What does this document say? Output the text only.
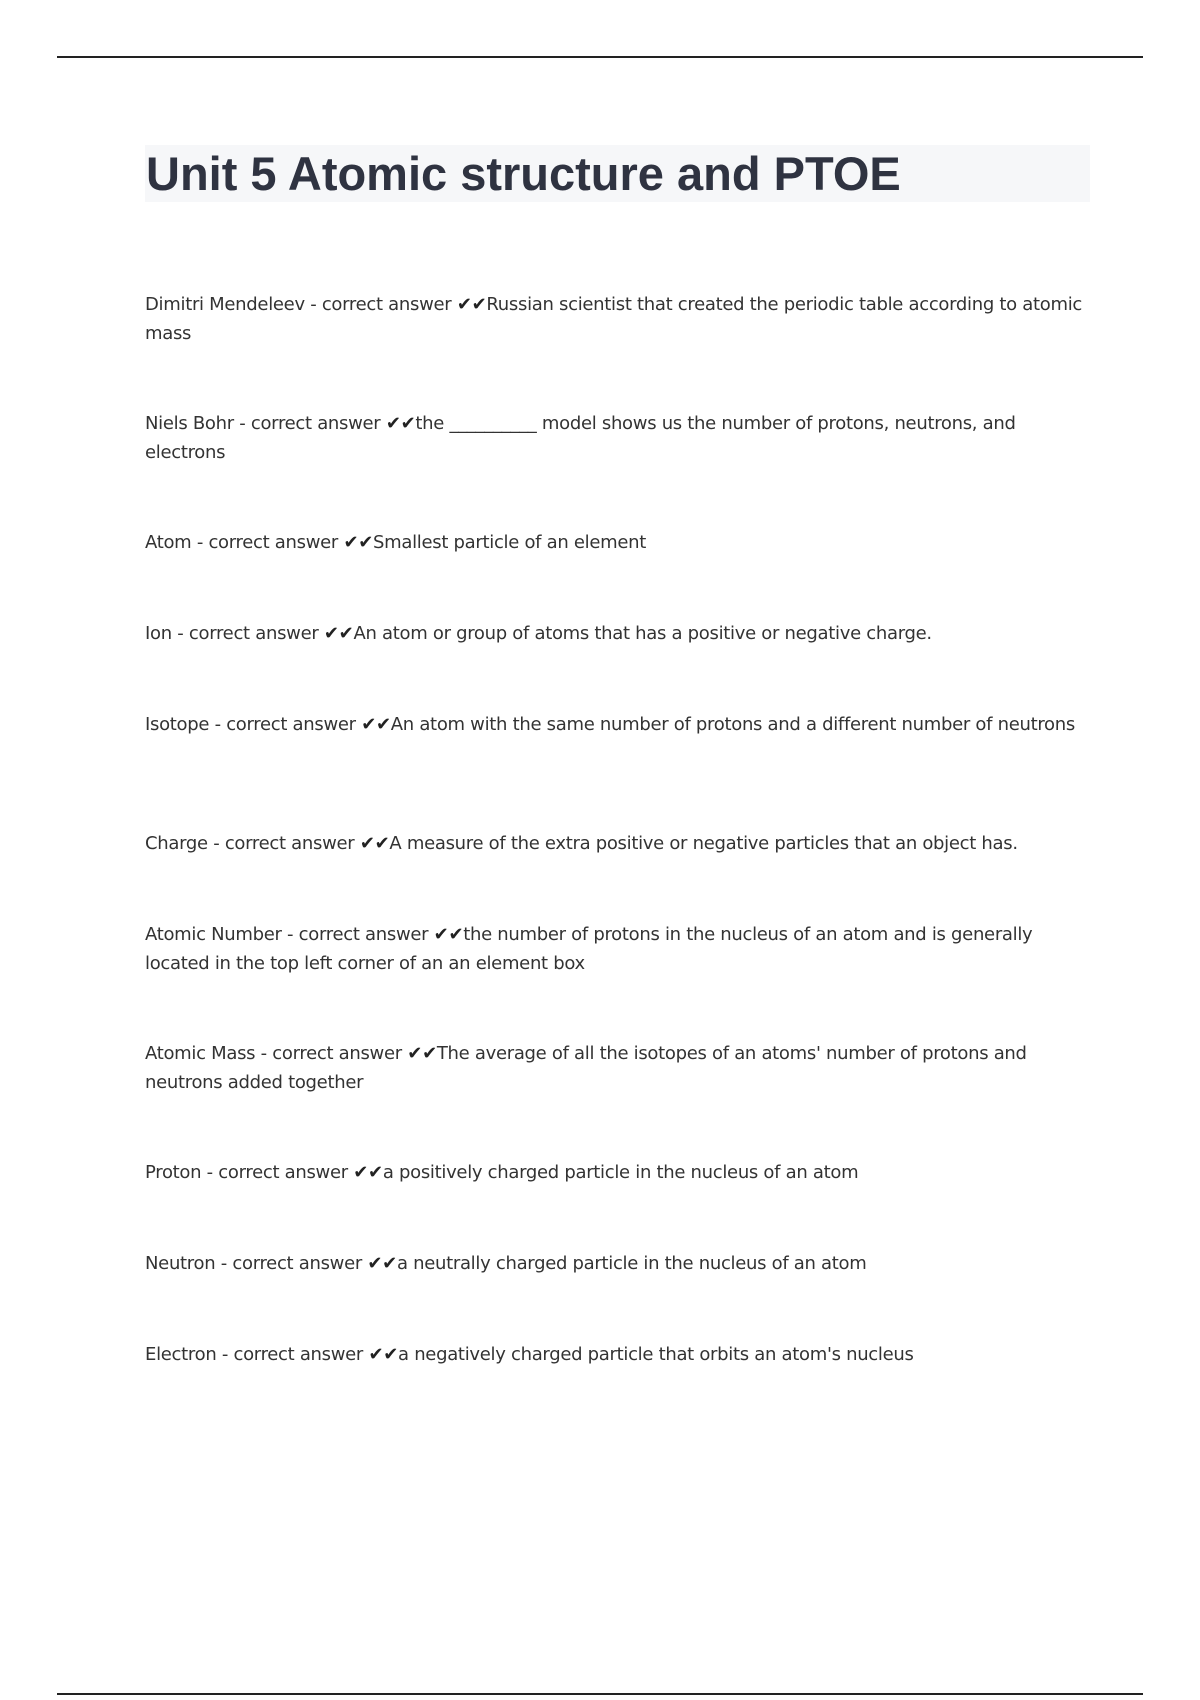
Unit 5 Atomic structure and PTOE
Dimitri Mendeleev - correct answer ✔✔Russian scientist that created the periodic table according to atomic mass
Niels Bohr - correct answer ✔✔the __________ model shows us the number of protons, neutrons, and electrons
Atom - correct answer ✔✔Smallest particle of an element
Ion - correct answer ✔✔An atom or group of atoms that has a positive or negative charge.
Isotope - correct answer ✔✔An atom with the same number of protons and a different number of neutrons
Charge - correct answer ✔✔A measure of the extra positive or negative particles that an object has.
Atomic Number - correct answer ✔✔the number of protons in the nucleus of an atom and is generally located in the top left corner of an an element box
Atomic Mass - correct answer ✔✔The average of all the isotopes of an atoms' number of protons and neutrons added together
Proton - correct answer ✔✔a positively charged particle in the nucleus of an atom
Neutron - correct answer ✔✔a neutrally charged particle in the nucleus of an atom
Electron - correct answer ✔✔a negatively charged particle that orbits an atom's nucleus
